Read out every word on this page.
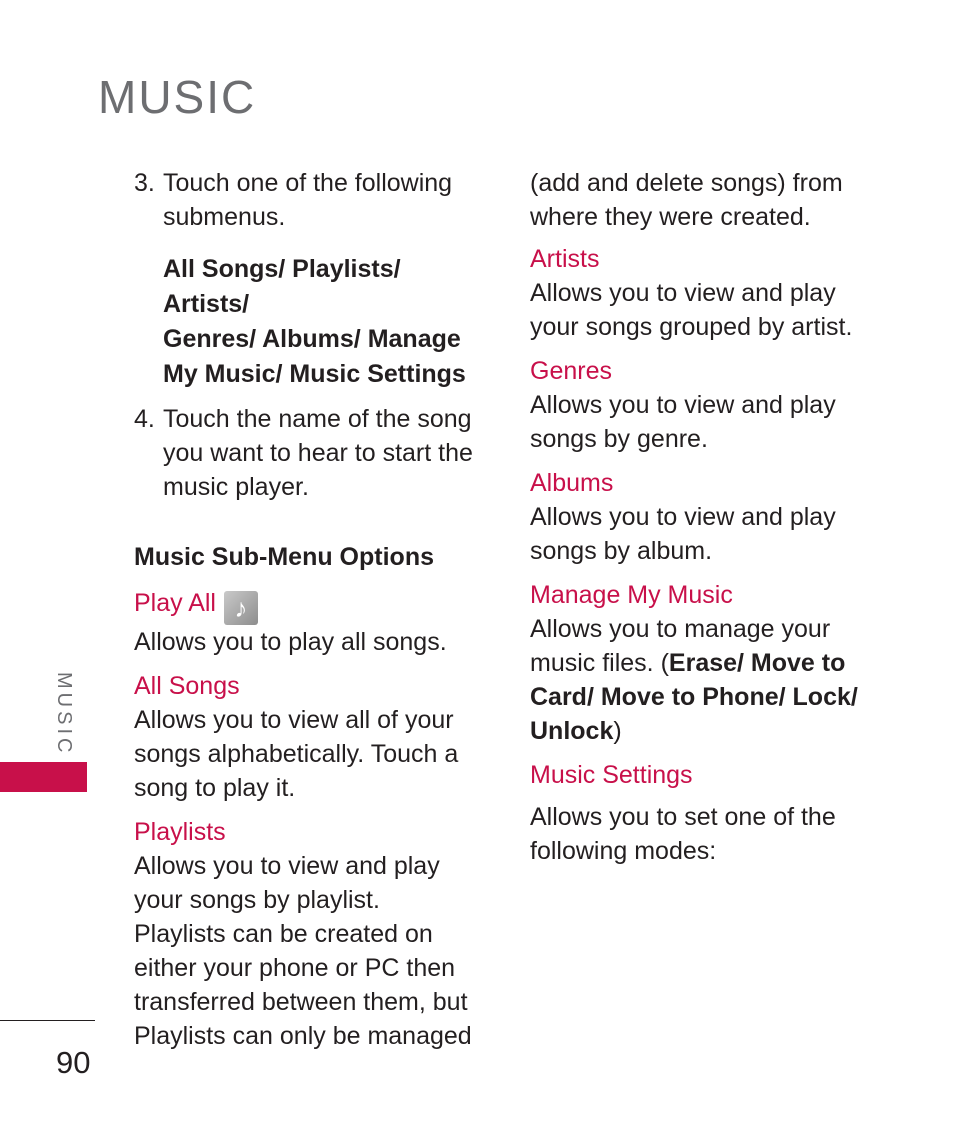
MUSIC
3. Touch one of the following submenus.
All Songs/ Playlists/ Artists/
Genres/ Albums/ Manage
My Music/ Music Settings
4. Touch the name of the song you want to hear to start the music player.
Music Sub-Menu Options
Play All ♪
Allows you to play all songs.
All Songs
Allows you to view all of your songs alphabetically. Touch a song to play it.
Playlists
Allows you to view and play your songs by playlist.
Playlists can be created on either your phone or PC then transferred between them, but Playlists can only be managed
(add and delete songs) from where they were created.
Artists
Allows you to view and play your songs grouped by artist.
Genres
Allows you to view and play songs by genre.
Albums
Allows you to view and play songs by album.
Manage My Music
Allows you to manage your music files. (Erase/ Move to Card/ Move to Phone/ Lock/ Unlock)
Music Settings
Allows you to set one of the following modes:
MUSIC
90
